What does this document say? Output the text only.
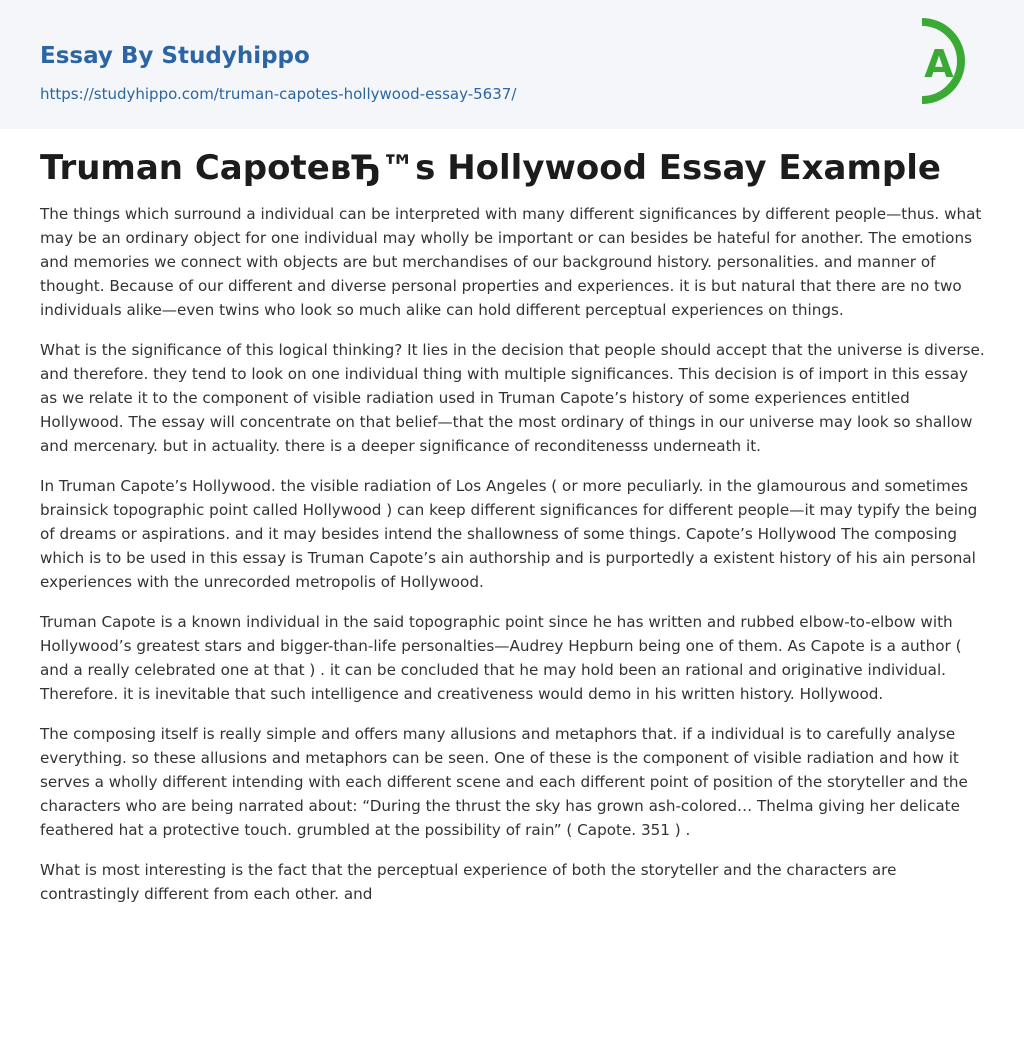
Essay By Studyhippo
https://studyhippo.com/truman-capotes-hollywood-essay-5637/
A
Truman CapoteвЂ™s Hollywood Essay Example

The things which surround a individual can be interpreted with many different significances by different people—thus. what may be an ordinary object for one individual may wholly be important or can besides be hateful for another. The emotions and memories we connect with objects are but merchandises of our background history. personalities. and manner of thought. Because of our different and diverse personal properties and experiences. it is but natural that there are no two individuals alike—even twins who look so much alike can hold different perceptual experiences on things.

What is the significance of this logical thinking? It lies in the decision that people should accept that the universe is diverse. and therefore. they tend to look on one individual thing with multiple significances. This decision is of import in this essay as we relate it to the component of visible radiation used in Truman Capote’s history of some experiences entitled Hollywood. The essay will concentrate on that belief—that the most ordinary of things in our universe may look so shallow and mercenary. but in actuality. there is a deeper significance of reconditenesss underneath it.

In Truman Capote’s Hollywood. the visible radiation of Los Angeles ( or more peculiarly. in the glamourous and sometimes brainsick topographic point called Hollywood ) can keep different significances for different people—it may typify the being of dreams or aspirations. and it may besides intend the shallowness of some things. Capote’s Hollywood The composing which is to be used in this essay is Truman Capote’s ain authorship and is purportedly a existent history of his ain personal experiences with the unrecorded metropolis of Hollywood.

Truman Capote is a known individual in the said topographic point since he has written and rubbed elbow-to-elbow with Hollywood’s greatest stars and bigger-than-life personalties—Audrey Hepburn being one of them. As Capote is a author ( and a really celebrated one at that ) . it can be concluded that he may hold been an rational and originative individual. Therefore. it is inevitable that such intelligence and creativeness would demo in his written history. Hollywood.

The composing itself is really simple and offers many allusions and metaphors that. if a individual is to carefully analyse everything. so these allusions and metaphors can be seen. One of these is the component of visible radiation and how it serves a wholly different intending with each different scene and each different point of position of the storyteller and the characters who are being narrated about: “During the thrust the sky has grown ash-colored… Thelma giving her delicate feathered hat a protective touch. grumbled at the possibility of rain” ( Capote. 351 ) .

What is most interesting is the fact that the perceptual experience of both the storyteller and the characters are contrastingly different from each other. and
